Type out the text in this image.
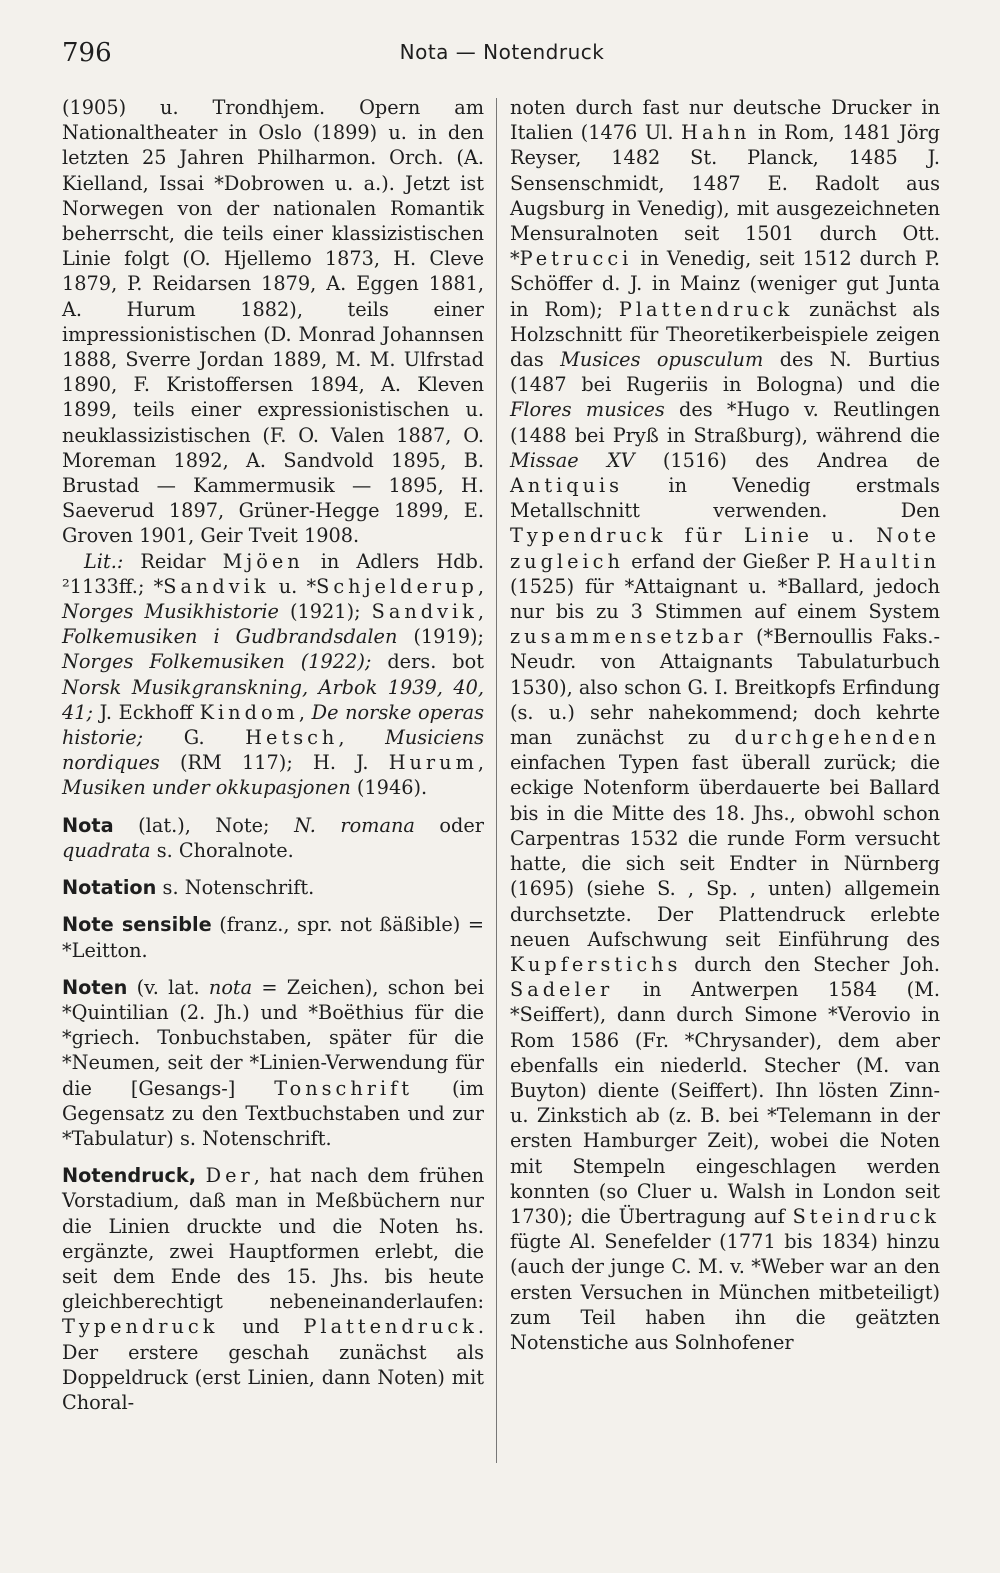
796	Nota — Notendruck

(1905) u. Trondhjem. Opern am Nationaltheater in Oslo (1899) u. in den letzten 25 Jahren Philharmon. Orch. (A. Kielland, Issai *Dobrowen u. a.). Jetzt ist Norwegen von der nationalen Romantik beherrscht, die teils einer klassizistischen Linie folgt (O. Hjellemo 1873, H. Cleve 1879, P. Reidarsen 1879, A. Eggen 1881, A. Hurum 1882), teils einer impressionistischen (D. Monrad Johannsen 1888, Sverre Jordan 1889, M. M. Ulfrstad 1890, F. Kristoffersen 1894, A. Kleven 1899, teils einer expressionistischen u. neuklassizistischen (F. O. Valen 1887, O. Moreman 1892, A. Sandvold 1895, B. Brustad — Kammermusik — 1895, H. Saeverud 1897, Grüner-Hegge 1899, E. Groven 1901, Geir Tveit 1908.

Lit.: Reidar Mjöen in Adlers Hdb. ²1133ff.; *Sandvik u. *Schjelderup, Norges Musikhistorie (1921); Sandvik, Folkemusiken i Gudbrandsdalen (1919); Norges Folkemusiken (1922); ders. bot Norsk Musikgranskning, Arbok 1939, 40, 41; J. Eckhoff Kindom, De norske operas historie; G. Hetsch, Musiciens nordiques (RM 117); H. J. Hurum, Musiken under okkupasjonen (1946).

Nota (lat.), Note; N. romana oder quadrata s. Choralnote.

Notation s. Notenschrift.

Note sensible (franz., spr. not ßäßible) = *Leitton.

Noten (v. lat. nota = Zeichen), schon bei *Quintilian (2. Jh.) und *Boëthius für die *griech. Tonbuchstaben, später für die *Neumen, seit der *Linien-Verwendung für die [Gesangs-] Tonschrift (im Gegensatz zu den Textbuchstaben und zur *Tabulatur) s. Notenschrift.

Notendruck, Der, hat nach dem frühen Vorstadium, daß man in Meßbüchern nur die Linien druckte und die Noten hs. ergänzte, zwei Hauptformen erlebt, die seit dem Ende des 15. Jhs. bis heute gleichberechtigt nebeneinanderlaufen: Typendruck und Plattendruck. Der erstere geschah zunächst als Doppeldruck (erst Linien, dann Noten) mit Choral-

noten durch fast nur deutsche Drucker in Italien (1476 Ul. Hahn in Rom, 1481 Jörg Reyser, 1482 St. Planck, 1485 J. Sensenschmidt, 1487 E. Radolt aus Augsburg in Venedig), mit ausgezeichneten Mensuralnoten seit 1501 durch Ott. *Petrucci in Venedig, seit 1512 durch P. Schöffer d. J. in Mainz (weniger gut Junta in Rom); Plattendruck zunächst als Holzschnitt für Theoretikerbeispiele zeigen das Musices opusculum des N. Burtius (1487 bei Rugeriis in Bologna) und die Flores musices des *Hugo v. Reutlingen (1488 bei Pryß in Straßburg), während die Missae XV (1516) des Andrea de Antiquis in Venedig erstmals Metallschnitt verwenden. Den Typendruck für Linie u. Note zugleich erfand der Gießer P. Haultin (1525) für *Attaignant u. *Ballard, jedoch nur bis zu 3 Stimmen auf einem System zusammensetzbar (*Bernoullis Faks.-Neudr. von Attaignants Tabulaturbuch 1530), also schon G. I. Breitkopfs Erfindung (s. u.) sehr nahekommend; doch kehrte man zunächst zu durchgehenden einfachen Typen fast überall zurück; die eckige Notenform überdauerte bei Ballard bis in die Mitte des 18. Jhs., obwohl schon Carpentras 1532 die runde Form versucht hatte, die sich seit Endter in Nürnberg (1695) (siehe S. , Sp. , unten) allgemein durchsetzte. Der Plattendruck erlebte neuen Aufschwung seit Einführung des Kupferstichs durch den Stecher Joh. Sadeler in Antwerpen 1584 (M. *Seiffert), dann durch Simone *Verovio in Rom 1586 (Fr. *Chrysander), dem aber ebenfalls ein niederld. Stecher (M. van Buyton) diente (Seiffert). Ihn lösten Zinn- u. Zinkstich ab (z. B. bei *Telemann in der ersten Hamburger Zeit), wobei die Noten mit Stempeln eingeschlagen werden konnten (so Cluer u. Walsh in London seit 1730); die Übertragung auf Steindruck fügte Al. Senefelder (1771 bis 1834) hinzu (auch der junge C. M. v. *Weber war an den ersten Versuchen in München mitbeteiligt) zum Teil haben ihn die geätzten Notenstiche aus Solnhofener
